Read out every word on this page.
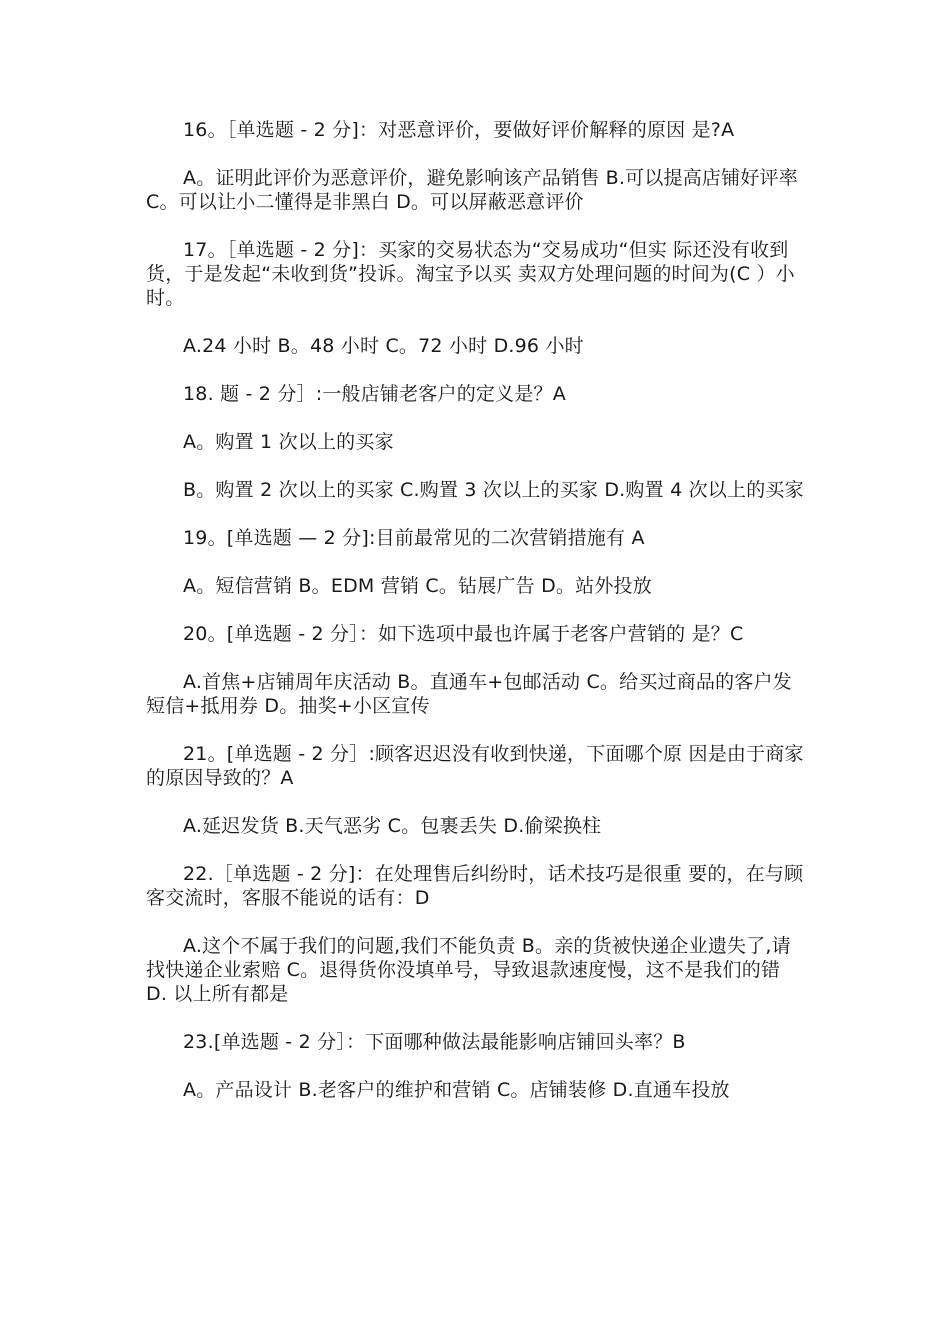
16。［单选题 - 2 分]：对恶意评价，要做好评价解释的原因 是?A

A。证明此评价为恶意评价，避免影响该产品销售 B.可以提高店铺好评率 C。可以让小二懂得是非黑白 D。可以屏蔽恶意评价

17。［单选题 - 2 分]：买家的交易状态为“交易成功“但实 际还没有收到货，于是发起“未收到货”投诉。淘宝予以买 卖双方处理问题的时间为(C ）小时。

A.24 小时 B。48 小时 C。72 小时 D.96 小时

18. 题 - 2 分］:一般店铺老客户的定义是？A

A。购置 1 次以上的买家

B。购置 2 次以上的买家 C.购置 3 次以上的买家 D.购置 4 次以上的买家

19。[单选题 — 2 分]:目前最常见的二次营销措施有 A

A。短信营销 B。EDM 营销 C。钻展广告 D。站外投放

20。[单选题 - 2 分］：如下选项中最也许属于老客户营销的 是？C

A.首焦+店铺周年庆活动 B。直通车+包邮活动 C。给买过商品的客户发短信+抵用券 D。抽奖+小区宣传

21。[单选题 - 2 分］:顾客迟迟没有收到快递，下面哪个原 因是由于商家的原因导致的？A

A.延迟发货 B.天气恶劣 C。包裹丢失 D.偷梁换柱

22.［单选题 - 2 分]：在处理售后纠纷时，话术技巧是很重 要的，在与顾客交流时，客服不能说的话有：D

A.这个不属于我们的问题,我们不能负责 B。亲的货被快递企业遗失了,请找快递企业索赔 C。退得货你没填单号，导致退款速度慢，这不是我们的错 D. 以上所有都是

23.[单选题 - 2 分］：下面哪种做法最能影响店铺回头率？B

A。产品设计 B.老客户的维护和营销 C。店铺装修 D.直通车投放
